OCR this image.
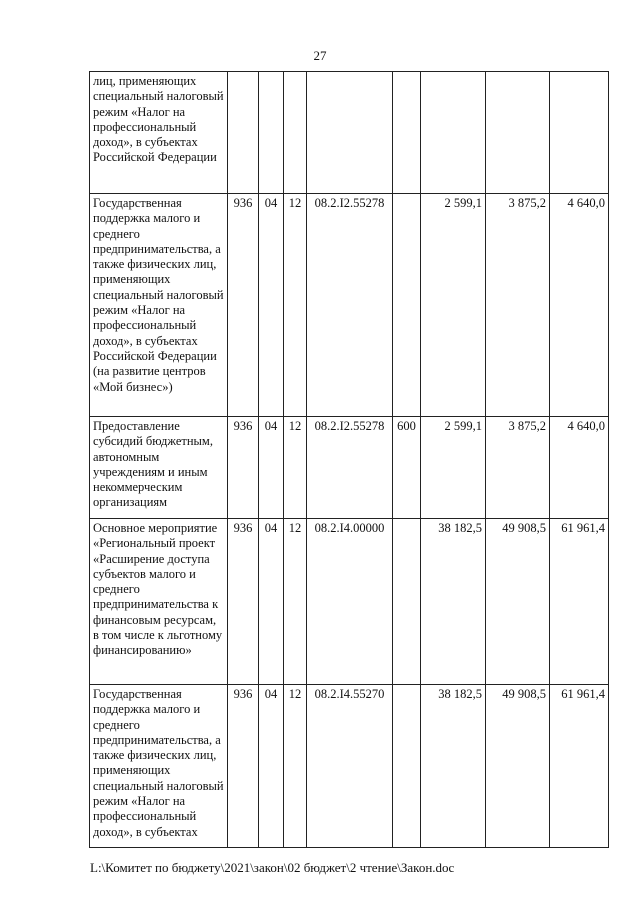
27
лиц, применяющих специальный налоговый режим «Налог на профессиональный доход», в субъектах Российской Федерации								
Государственная поддержка малого и среднего предпринимательства, а также физических лиц, применяющих специальный налоговый режим «Налог на профессиональный доход», в субъектах Российской Федерации (на развитие центров «Мой бизнес»)	936	04	12	08.2.I2.55278		2 599,1	3 875,2	4 640,0
Предоставление субсидий бюджетным, автономным учреждениям и иным некоммерческим организациям	936	04	12	08.2.I2.55278	600	2 599,1	3 875,2	4 640,0
Основное мероприятие «Региональный проект «Расширение доступа субъектов малого и среднего предпринимательства к финансовым ресурсам, в том числе к льготному финансированию»	936	04	12	08.2.I4.00000		38 182,5	49 908,5	61 961,4
Государственная поддержка малого и среднего предпринимательства, а также физических лиц, применяющих специальный налоговый режим «Налог на профессиональный доход», в субъектах	936	04	12	08.2.I4.55270		38 182,5	49 908,5	61 961,4
L:\Комитет по бюджету\2021\закон\02 бюджет\2 чтение\Закон.doc
